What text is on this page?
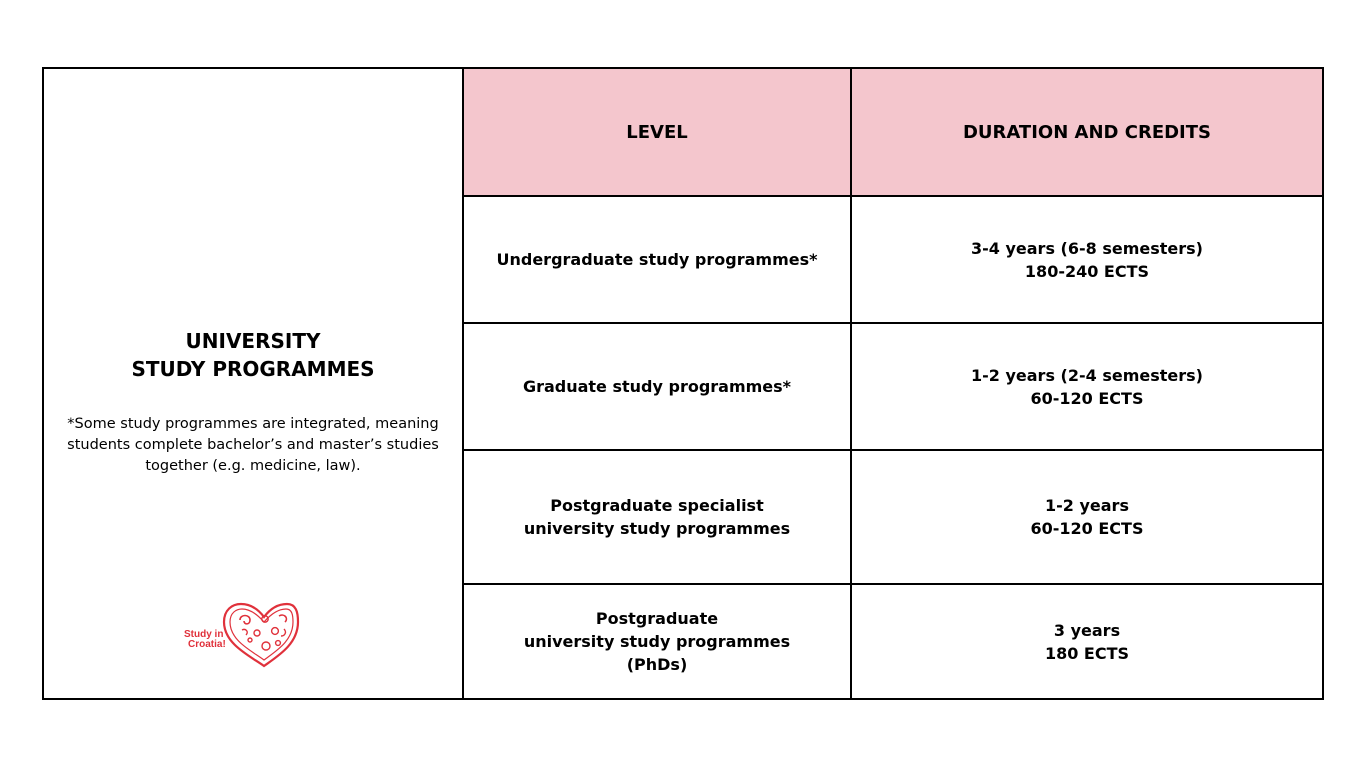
UNIVERSITY
STUDY PROGRAMMES
*Some study programmes are integrated, meaning students complete bachelor’s and master’s studies together (e.g. medicine, law).
Study in
Croatia!
LEVEL	DURATION AND CREDITS
Undergraduate study programmes*
3-4 years (6-8 semesters)
180-240 ECTS
Graduate study programmes*
1-2 years (2-4 semesters)
60-120 ECTS
Postgraduate specialist
university study programmes
1-2 years
60-120 ECTS
Postgraduate
university study programmes
(PhDs)
3 years
180 ECTS
